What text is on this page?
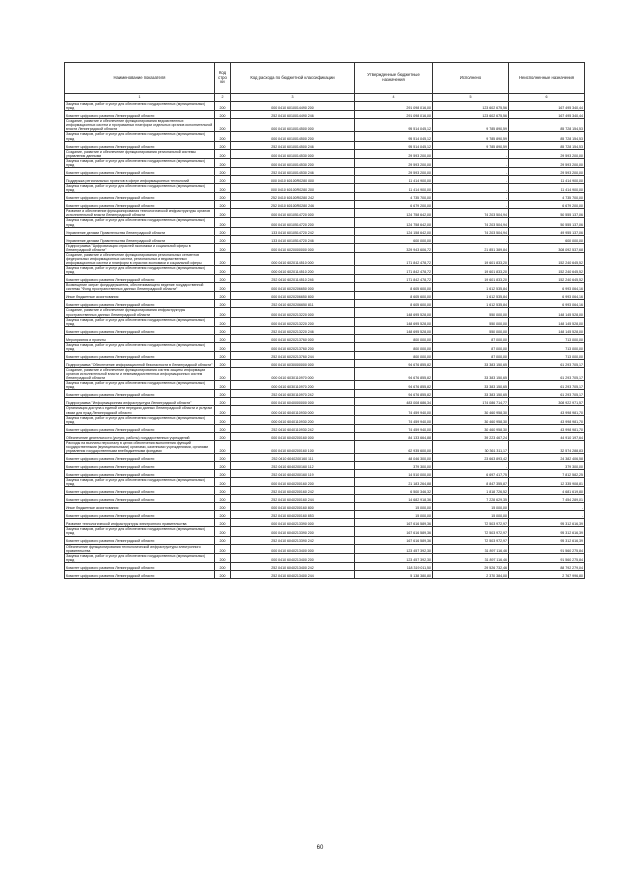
Наименование показателя	Код стро ки	Код расхода по бюджетной классификации	Утвержденные бюджетные назначения	Исполнено	Неисполненные назначения
1	2	3	4	5	6
Закупка товаров, работ и услуг для обеспечения государственных (муниципальных) нужд	200	000 0410 6010014490 200	291 098 016,00	123 602 675,56	167 495 340,44
Комитет цифрового развития Ленинградской области	200	252 0410 6010014490 246	291 098 016,00	123 602 675,56	167 495 340,44
Создание, развитие и обеспечение функционирования ведомственных информационных систем и программных платформ отдельных органов исполнительной власти Ленинградской области	200	000 0410 6010014500 000	95 514 045,12	9 785 890,59	85 728 154,53
Закупка товаров, работ и услуг для обеспечения государственных (муниципальных) нужд	200	000 0410 6010014500 200	95 514 045,12	9 785 890,59	85 728 154,53
Комитет цифрового развития Ленинградской области	200	252 0410 6010014500 246	95 514 045,12	9 785 890,59	85 728 154,53
Создание, развитие и обеспечение функционирования региональной системы управления данными	200	000 0410 6010014530 000	29 593 200,00	-	29 593 200,00
Закупка товаров, работ и услуг для обеспечения государственных (муниципальных) нужд	200	000 0410 6010014530 200	29 593 200,00	-	29 593 200,00
Комитет цифрового развития Ленинградской области	200	252 0410 6010014530 246	29 593 200,00	-	29 593 200,00
Поддержка региональных проектов в сфере информационных технологий	200	000 0410 60100R0280 000	11 414 900,00	-	11 414 900,00
Закупка товаров, работ и услуг для обеспечения государственных (муниципальных) нужд	200	000 0410 60100R0280 200	11 414 900,00	-	11 414 900,00
Комитет цифрового развития Ленинградской области	200	252 0410 60100R0280 242	4 735 700,00	-	4 735 700,00
Комитет цифрового развития Ленинградской области	200	252 0410 60100R0280 246	6 679 200,00	-	6 679 200,00
Развитие и обеспечение функционирования технологической инфраструктуры органов исполнительной власти Ленинградской области	200	000 0410 6010514720 000	124 758 642,00	74 203 504,94	50 555 137,06
Закупка товаров, работ и услуг для обеспечения государственных (муниципальных) нужд	200	000 0410 6010514720 200	124 758 642,00	74 203 504,94	50 555 137,06
Управление делами Правительства Ленинградской области	200	133 0410 6010514720 242	124 158 642,00	74 203 504,94	49 955 137,06
Управление делами Правительства Ленинградской области	200	133 0410 6010514720 246	600 000,00	-	600 000,00
Подпрограмма "Цифровизация отраслей экономики и социальной сферы в Ленинградской области"	200	000 0410 6020000000 000	329 943 606,72	21 851 389,84	308 092 537,68
Создание, развитие и обеспечение функционирования региональных сегментов федеральных информационных систем, региональных и ведомственных информационных систем и платформ в отраслях экономики и социальной сферы	200	000 0410 6020114510 000	171 842 478,72	19 601 833,20	152 240 645,52
Закупка товаров, работ и услуг для обеспечения государственных (муниципальных) нужд	200	000 0410 6020114510 200	171 842 478,72	19 601 833,20	152 240 645,52
Комитет цифрового развития Ленинградской области	200	252 0410 6020114510 246	171 842 478,72	19 601 833,20	152 240 645,52
Возмещение затрат фондодержателя, обеспечивающего ведение государственной системы "Фонд пространственных данных Ленинградской области"	200	000 0410 6020206650 000	8 605 600,00	1 612 535,84	6 993 064,16
Иные бюджетные ассигнования	200	000 0410 6020206650 800	8 605 600,00	1 612 535,84	6 993 064,16
Комитет цифрового развития Ленинградской области	200	252 0410 6020206650 811	8 605 600,00	1 612 535,84	6 993 064,16
Создание, развитие и обеспечение функционирования инфраструктуры пространственных данных Ленинградской области	200	000 0410 6020213220 000	148 695 528,00	550 000,00	148 145 528,00
Закупка товаров, работ и услуг для обеспечения государственных (муниципальных) нужд	200	000 0410 6020213220 200	148 695 528,00	550 000,00	148 145 528,00
Комитет цифрового развития Ленинградской области	200	252 0410 6020213220 246	148 695 528,00	550 000,00	148 145 528,00
Мероприятия и проекты	200	000 0410 6020213760 000	800 000,00	87 000,00	713 000,00
Закупка товаров, работ и услуг для обеспечения государственных (муниципальных) нужд	200	000 0410 6020213760 200	800 000,00	87 000,00	713 000,00
Комитет цифрового развития Ленинградской области	200	252 0410 6020213760 244	800 000,00	87 000,00	713 000,00
Подпрограмма "Обеспечение информационной безопасности в Ленинградской области"	200	000 0410 6030000000 000	94 676 855,82	33 383 150,65	61 293 705,17
Создание, развитие и обеспечение функционирования систем защиты информации органов исполнительной власти и немежведомственных информационных систем Ленинградской области	200	000 0410 6030110970 000	94 676 855,82	33 383 150,65	61 293 705,17
Закупка товаров, работ и услуг для обеспечения государственных (муниципальных) нужд	200	000 0410 6030110970 200	94 676 855,82	33 383 150,65	61 293 705,17
Комитет цифрового развития Ленинградской области	200	252 0410 6030110970 242	94 676 855,82	33 383 150,65	61 293 705,17
Подпрограмма "Информационная инфраструктура Ленинградской области"	200	000 0410 6040000000 000	483 008 686,34	174 086 714,77	308 922 971,57
Организация доступа к единой сети передачи данных Ленинградской области и услугам связи для нужд Ленинградской области	200	000 0410 6040110930 000	74 459 940,00	30 460 958,30	43 998 981,70
Закупка товаров, работ и услуг для обеспечения государственных (муниципальных) нужд	200	000 0410 6040110930 200	74 459 940,00	30 460 958,30	43 998 981,70
Комитет цифрового развития Ленинградской области	200	252 0410 6040110930 242	74 459 940,00	30 460 958,30	43 998 981,70
Обеспечение деятельности (услуги, работы) государственных учреждений	200	000 0410 6040200160 000	84 133 664,88	39 223 467,24	44 910 197,64
Расходы на выплаты персоналу в целях обеспечения выполнения функций государственными (муниципальными) органами, казенными учреждениями, органами управления государственными внебюджетными фондами	200	000 0410 6040200160 100	62 935 600,00	30 361 311,17	32 574 288,83
Комитет цифрового развития Ленинградской области	200	252 0410 6040200160 111	48 046 300,00	23 663 893,42	24 382 406,58
Комитет цифрового развития Ленинградской области	200	252 0410 6040200160 112	379 300,00	-	379 300,00
Комитет цифрового развития Ленинградской области	200	252 0410 6040200160 119	14 510 000,00	6 697 417,75	7 812 582,25
Закупка товаров, работ и услуг для обеспечения государственных (муниципальных) нужд	200	000 0410 6040200160 200	21 183 264,88	8 847 355,87	12 335 908,81
Комитет цифрового развития Ленинградской области	200	252 0410 6040200160 242	6 500 346,32	1 818 726,52	4 681 619,80
Комитет цифрового развития Ленинградской области	200	252 0410 6040200160 244	14 682 918,36	7 228 629,35	7 454 289,01
Иные бюджетные ассигнования	200	000 0410 6040200160 800	15 000,00	15 000,00	-
Комитет цифрового развития Ленинградской области	200	252 0410 6040200160 853	15 000,00	15 000,00	-
Развитие технологической инфраструктуры электронного правительства	200	000 0410 6040213390 000	167 616 589,36	72 503 972,97	95 312 616,39
Закупка товаров, работ и услуг для обеспечения государственных (муниципальных) нужд	200	000 0410 6040213390 200	167 616 589,36	72 503 972,97	95 312 616,39
Комитет цифрового развития Ленинградской области	200	252 0410 6040213390 242	167 616 589,36	72 503 972,97	95 312 616,39
Обеспечение функционирования технологической инфраструктуры электронного правительства	200	000 0410 6040213400 000	123 457 392,30	31 897 116,46	91 560 275,84
Закупка товаров, работ и услуг для обеспечения государственных (муниципальных) нужд	200	000 0410 6040213400 200	123 457 392,30	31 897 116,46	91 560 275,84
Комитет цифрового развития Ленинградской области	200	252 0410 6040213400 242	118 319 011,50	29 526 732,46	88 792 279,04
Комитет цифрового развития Ленинградской области	200	252 0410 6040213400 244	5 138 380,80	2 370 384,00	2 767 996,80
60
